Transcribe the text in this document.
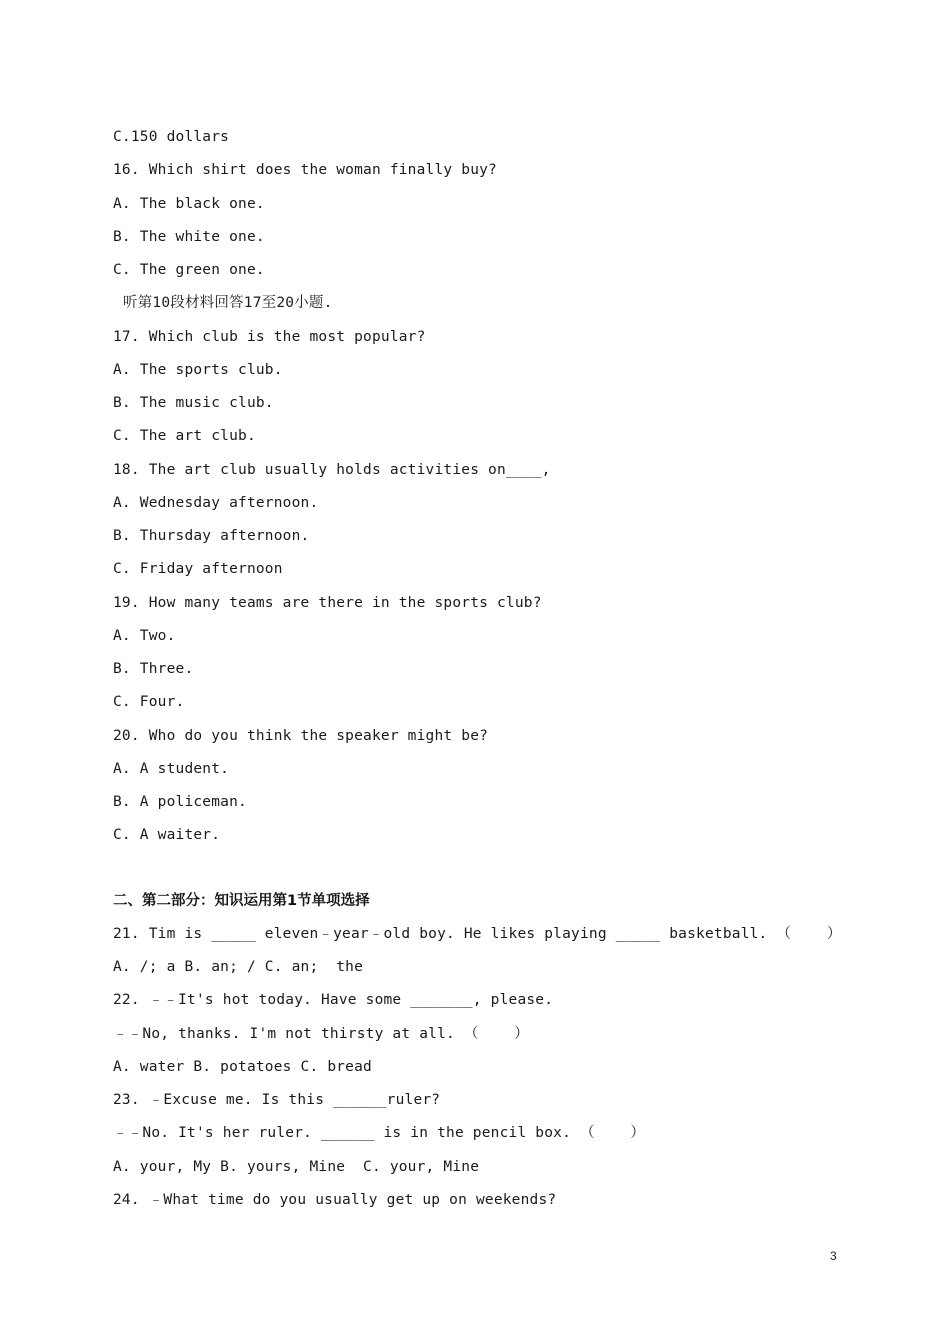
C.150 dollars
16. Which shirt does the woman finally buy?
A. The black one.
B. The white one.
C. The green one.
听第10段材料回答17至20小题.
17. Which club is the most popular?
A. The sports club.
B. The music club.
C. The art club.
18. The art club usually holds activities on____,
A. Wednesday afternoon.
B. Thursday afternoon.
C. Friday afternoon
19. How many teams are there in the sports club?
A. Two.
B. Three.
C. Four.
20. Who do you think the speaker might be?
A. A student.
B. A policeman.
C. A waiter.
二、第二部分：知识运用第1节单项选择
21. Tim is _____ eleven﹣year﹣old boy. He likes playing _____ basketball. （    ）
A. /; a B. an; / C. an;  the
22. ﹣﹣It's hot today. Have some _______, please.
﹣﹣No, thanks. I'm not thirsty at all. （    ）
A. water B. potatoes C. bread
23. ﹣Excuse me. Is this ______ruler?
﹣﹣No. It's her ruler. ______ is in the pencil box. （    ）
A. your, My B. yours, Mine  C. your, Mine
24. ﹣What time do you usually get up on weekends?
3
